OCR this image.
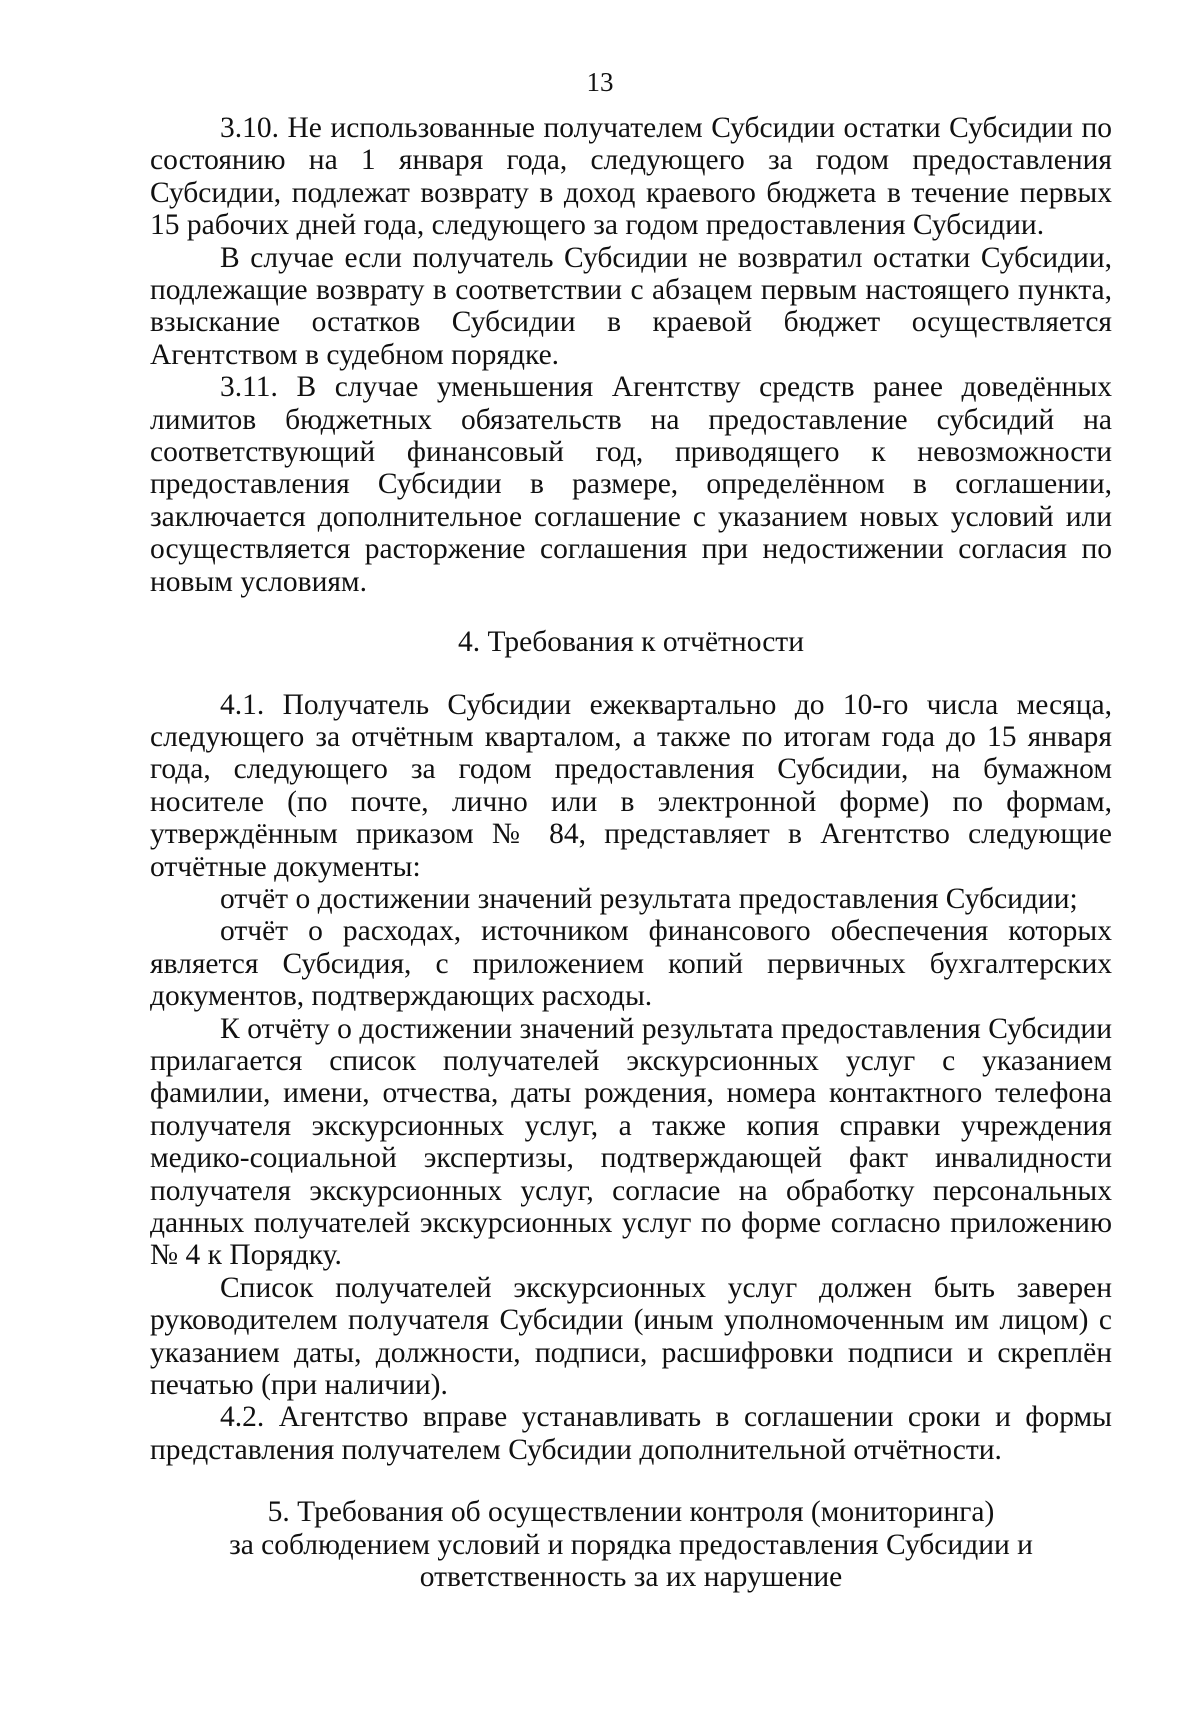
13

3.10. Не использованные получателем Субсидии остатки Субсидии по состоянию на 1 января года, следующего за годом предоставления Субсидии, подлежат возврату в доход краевого бюджета в течение первых 15 рабочих дней года, следующего за годом предоставления Субсидии.

В случае если получатель Субсидии не возвратил остатки Субсидии, подлежащие возврату в соответствии с абзацем первым настоящего пункта, взыскание остатков Субсидии в краевой бюджет осуществляется Агентством в судебном порядке.

3.11. В случае уменьшения Агентству средств ранее доведённых лимитов бюджетных обязательств на предоставление субсидий на соответствующий финансовый год, приводящего к невозможности предоставления Субсидии в размере, определённом в соглашении, заключается дополнительное соглашение с указанием новых условий или осуществляется расторжение соглашения при недостижении согласия по новым условиям.

4. Требования к отчётности

4.1. Получатель Субсидии ежеквартально до 10-го числа месяца, следующего за отчётным кварталом, а также по итогам года до 15 января года, следующего за годом предоставления Субсидии, на бумажном носителе (по почте, лично или в электронной форме) по формам, утверждённым приказом № 84, представляет в Агентство следующие отчётные документы:

отчёт о достижении значений результата предоставления Субсидии;

отчёт о расходах, источником финансового обеспечения которых является Субсидия, с приложением копий первичных бухгалтерских документов, подтверждающих расходы.

К отчёту о достижении значений результата предоставления Субсидии прилагается список получателей экскурсионных услуг с указанием фамилии, имени, отчества, даты рождения, номера контактного телефона получателя экскурсионных услуг, а также копия справки учреждения медико-социальной экспертизы, подтверждающей факт инвалидности получателя экскурсионных услуг, согласие на обработку персональных данных получателей экскурсионных услуг по форме согласно приложению № 4 к Порядку.

Список получателей экскурсионных услуг должен быть заверен руководителем получателя Субсидии (иным уполномоченным им лицом) с указанием даты, должности, подписи, расшифровки подписи и скреплён печатью (при наличии).

4.2. Агентство вправе устанавливать в соглашении сроки и формы представления получателем Субсидии дополнительной отчётности.

5. Требования об осуществлении контроля (мониторинга)
за соблюдением условий и порядка предоставления Субсидии и
ответственность за их нарушение
